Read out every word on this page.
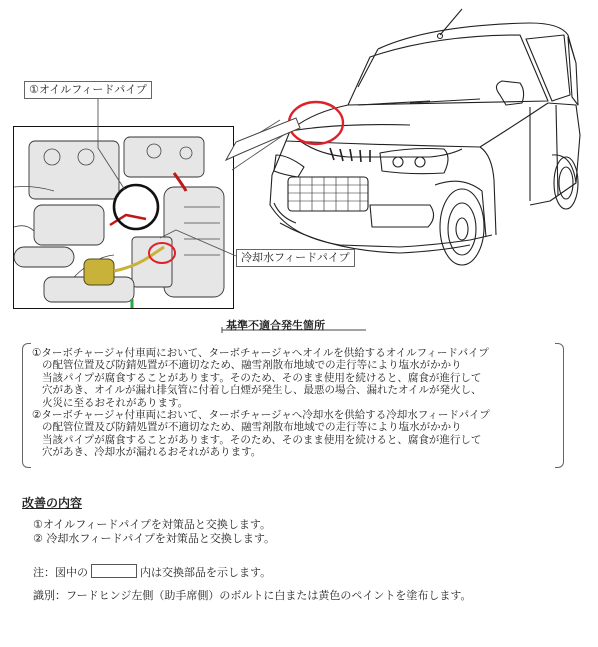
①オイルフィードパイプ
冷却水フィードパイプ
基準不適合発生箇所
①ターボチャージャ付車両において、ターボチャージャへオイルを供給するオイルフィードパイプ
の配管位置及び防錆処置が不適切なため、融雪剤散布地域での走行等により塩水がかかり
当該パイプが腐食することがあります。そのため、そのまま使用を続けると、腐食が進行して
穴があき、オイルが漏れ排気管に付着し白煙が発生し、最悪の場合、漏れたオイルが発火し、
火災に至るおそれがあります。
②ターボチャージャ付車両において、ターボチャージャへ冷却水を供給する冷却水フィードパイプ
の配管位置及び防錆処置が不適切なため、融雪剤散布地域での走行等により塩水がかかり
当該パイプが腐食することがあります。そのため、そのまま使用を続けると、腐食が進行して
穴があき、冷却水が漏れるおそれがあります。
改善の内容
①オイルフィードパイプを対策品と交換します。
② 冷却水フィードパイプを対策品と交換します。
注：図中の	内は交換部品を示します。
識別：フードヒンジ左側（助手席側）のボルトに白または黄色のペイントを塗布します。
